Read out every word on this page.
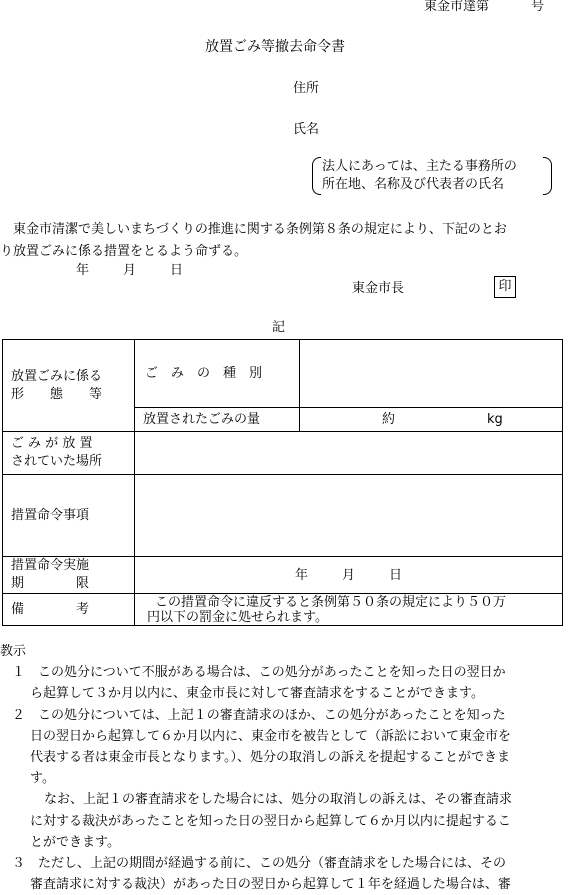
東金市達第	号
放置ごみ等撤去命令書
住所
氏名
法人にあっては、主たる事務所の
所在地、名称及び代表者の氏名
東金市清潔で美しいまちづくりの推進に関する条例第８条の規定により、下記のとお
り放置ごみに係る措置をとるよう命ずる。
年	月	日
東金市長	印
記
放置ごみに係る
形　　態　　等	ご　み　の　種　別	
	放置されたごみの量	約 kg

ご み が 放 置
されていた場所		

措置命令事項		

措置命令実施
期　　　　限	年 月 日	
備　　　　考	この措置命令に違反すると条例第５０条の規定により５０万
円以下の罰金に処せられます。	

教示

１　この処分について不服がある場合は、この処分があったことを知った日の翌日か

ら起算して３か月以内に、東金市長に対して審査請求をすることができます。

２　この処分については、上記１の審査請求のほか、この処分があったことを知った

日の翌日から起算して６か月以内に、東金市を被告として（訴訟において東金市を

代表する者は東金市長となります。）、処分の取消しの訴えを提起することができま

す。

なお、上記１の審査請求をした場合には、処分の取消しの訴えは、その審査請求

に対する裁決があったことを知った日の翌日から起算して６か月以内に提起するこ

とができます。

３　ただし、上記の期間が経過する前に、この処分（審査請求をした場合には、その

審査請求に対する裁決）があった日の翌日から起算して１年を経過した場合は、審
